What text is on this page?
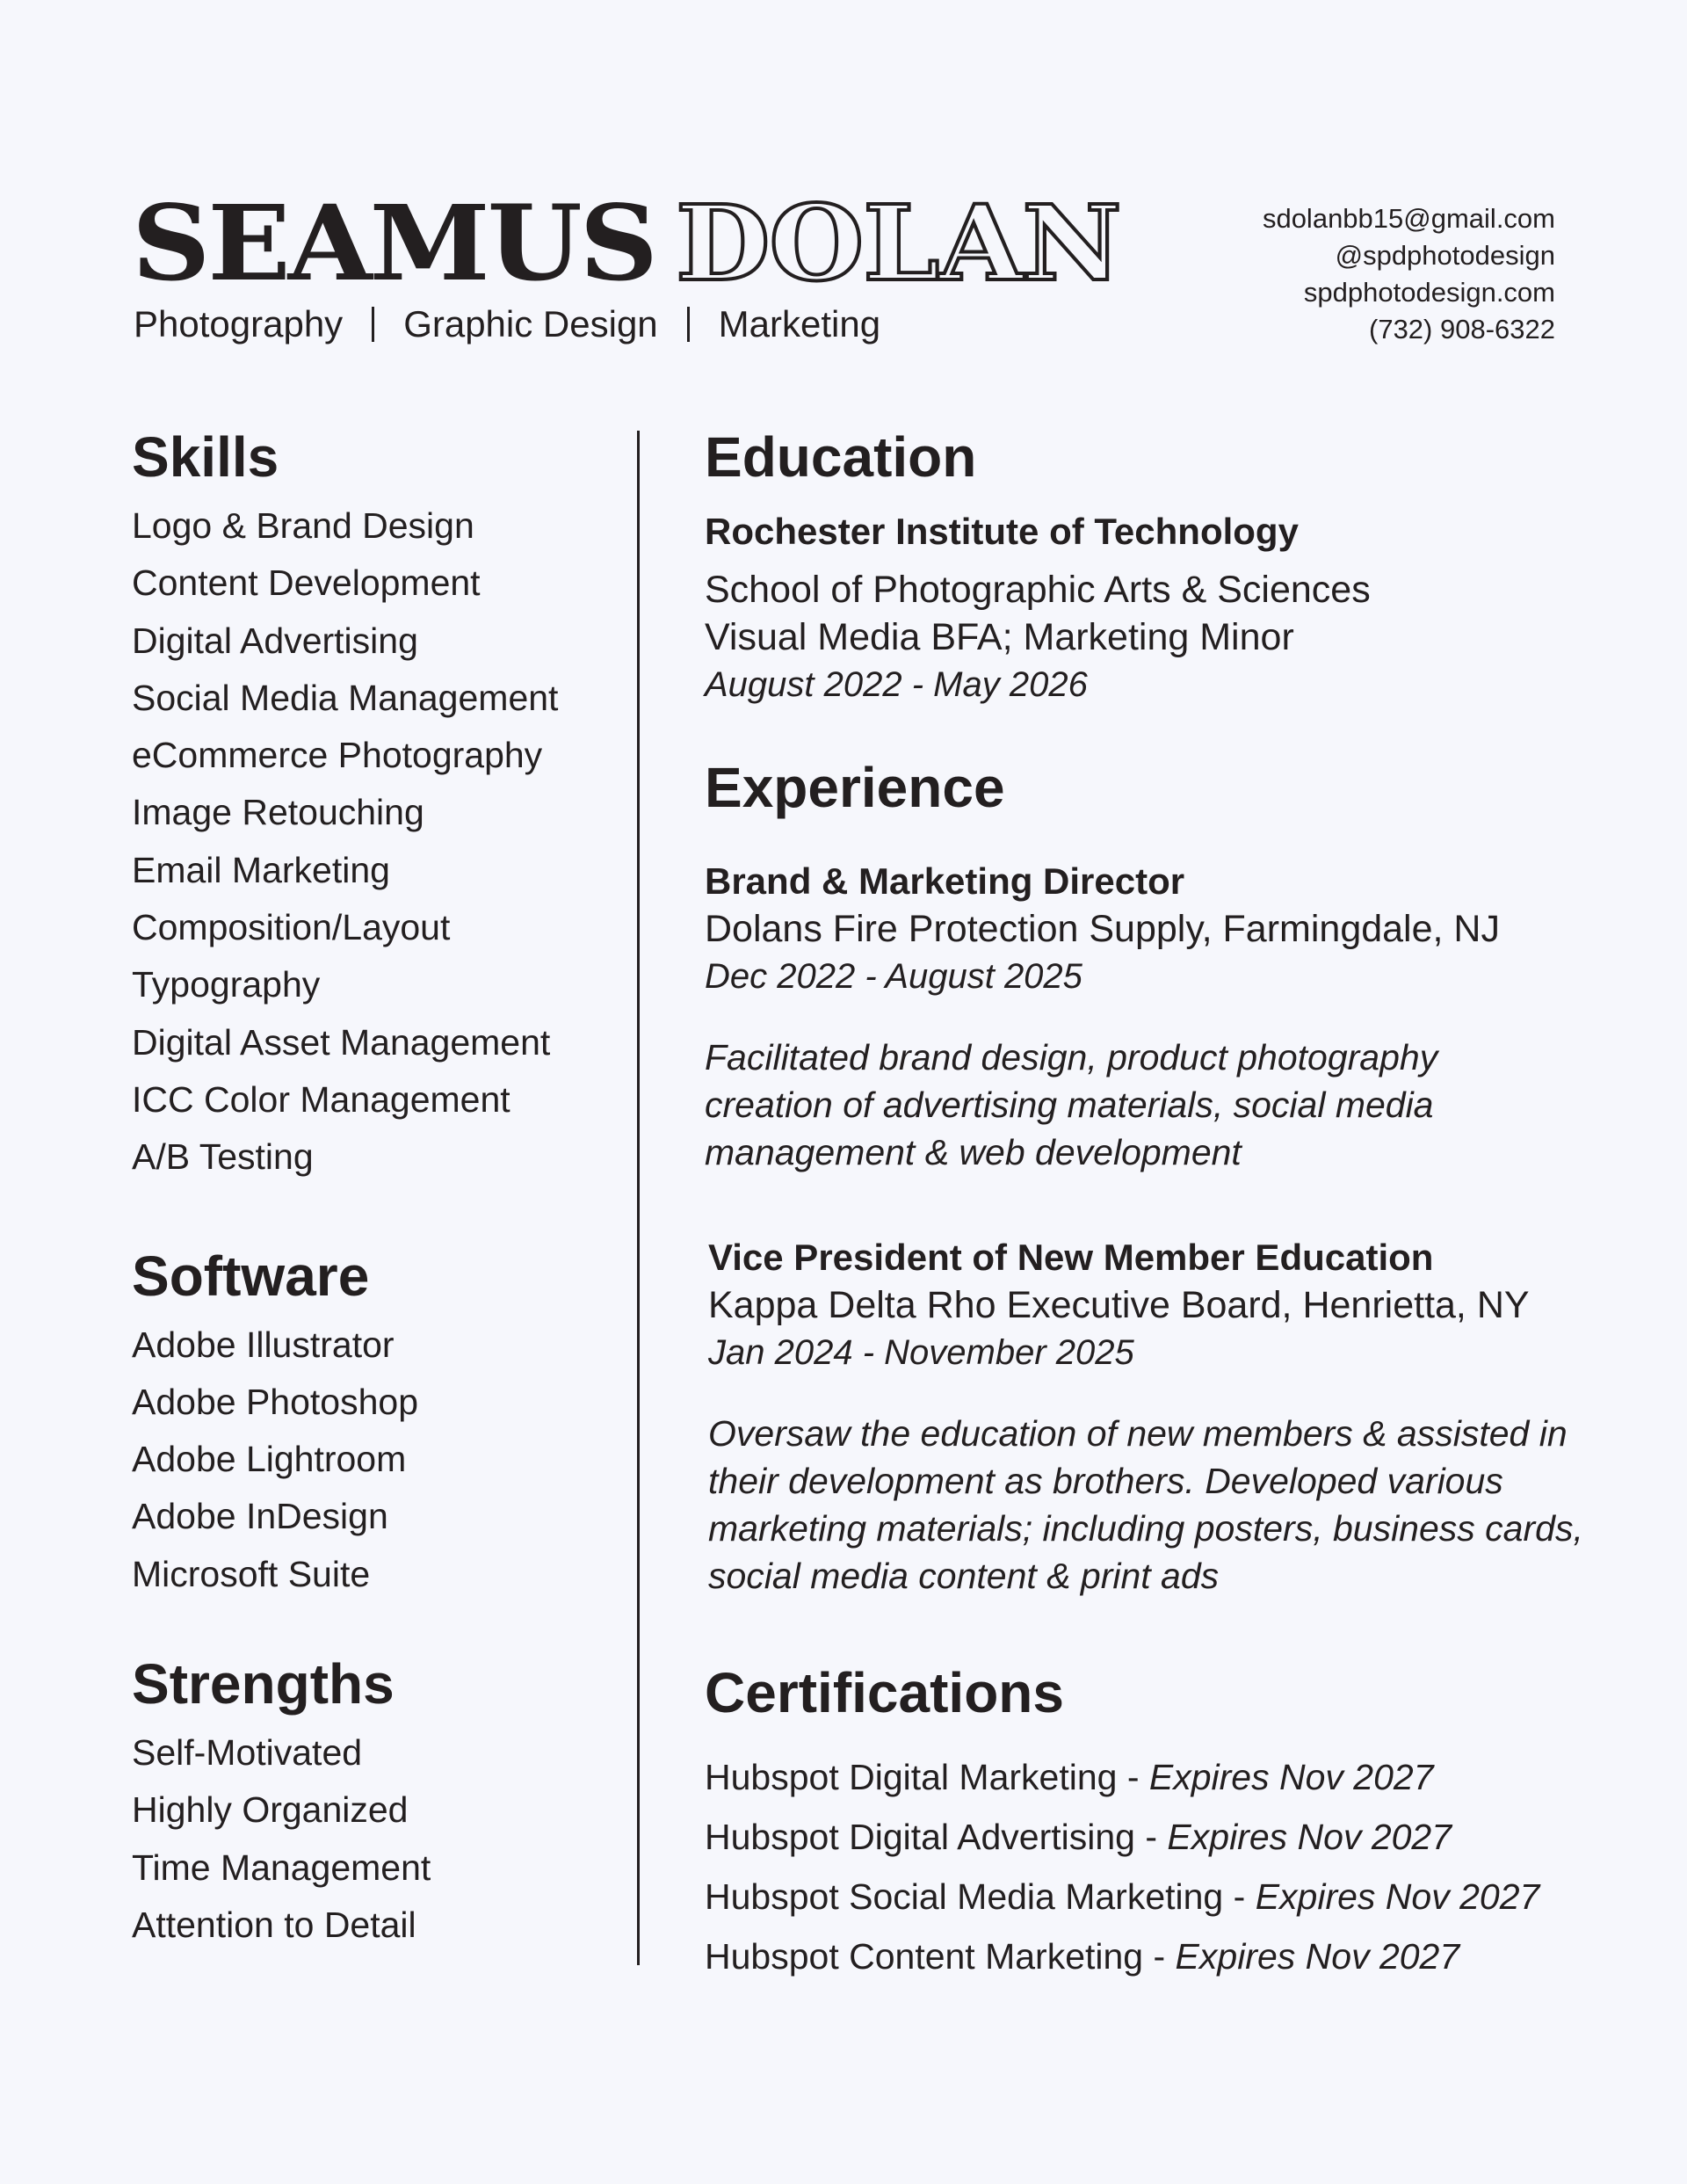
SEAMUS DOLAN
Photography Graphic Design Marketing
sdolanbb15@gmail.com
@spdphotodesign
spdphotodesign.com
(732) 908-6322
Skills
Logo & Brand Design
Content Development
Digital Advertising
Social Media Management
eCommerce Photography
Image Retouching
Email Marketing
Composition/Layout
Typography
Digital Asset Management
ICC Color Management
A/B Testing
Software
Adobe Illustrator
Adobe Photoshop
Adobe Lightroom
Adobe InDesign
Microsoft Suite
Strengths
Self-Motivated
Highly Organized
Time Management
Attention to Detail
Education
Rochester Institute of Technology
School of Photographic Arts & Sciences
Visual Media BFA; Marketing Minor
August 2022 - May 2026
Experience
Brand & Marketing Director
Dolans Fire Protection Supply, Farmingdale, NJ
Dec 2022 - August 2025

Facilitated brand design, product photography creation of advertising materials, social media management & web development

Vice President of New Member Education
Kappa Delta Rho Executive Board, Henrietta, NY
Jan 2024 - November 2025

Oversaw the education of new members & assisted in their development as brothers. Developed various marketing materials; including posters, business cards, social media content & print ads

Certifications
Hubspot Digital Marketing - Expires Nov 2027
Hubspot Digital Advertising - Expires Nov 2027
Hubspot Social Media Marketing - Expires Nov 2027
Hubspot Content Marketing - Expires Nov 2027
